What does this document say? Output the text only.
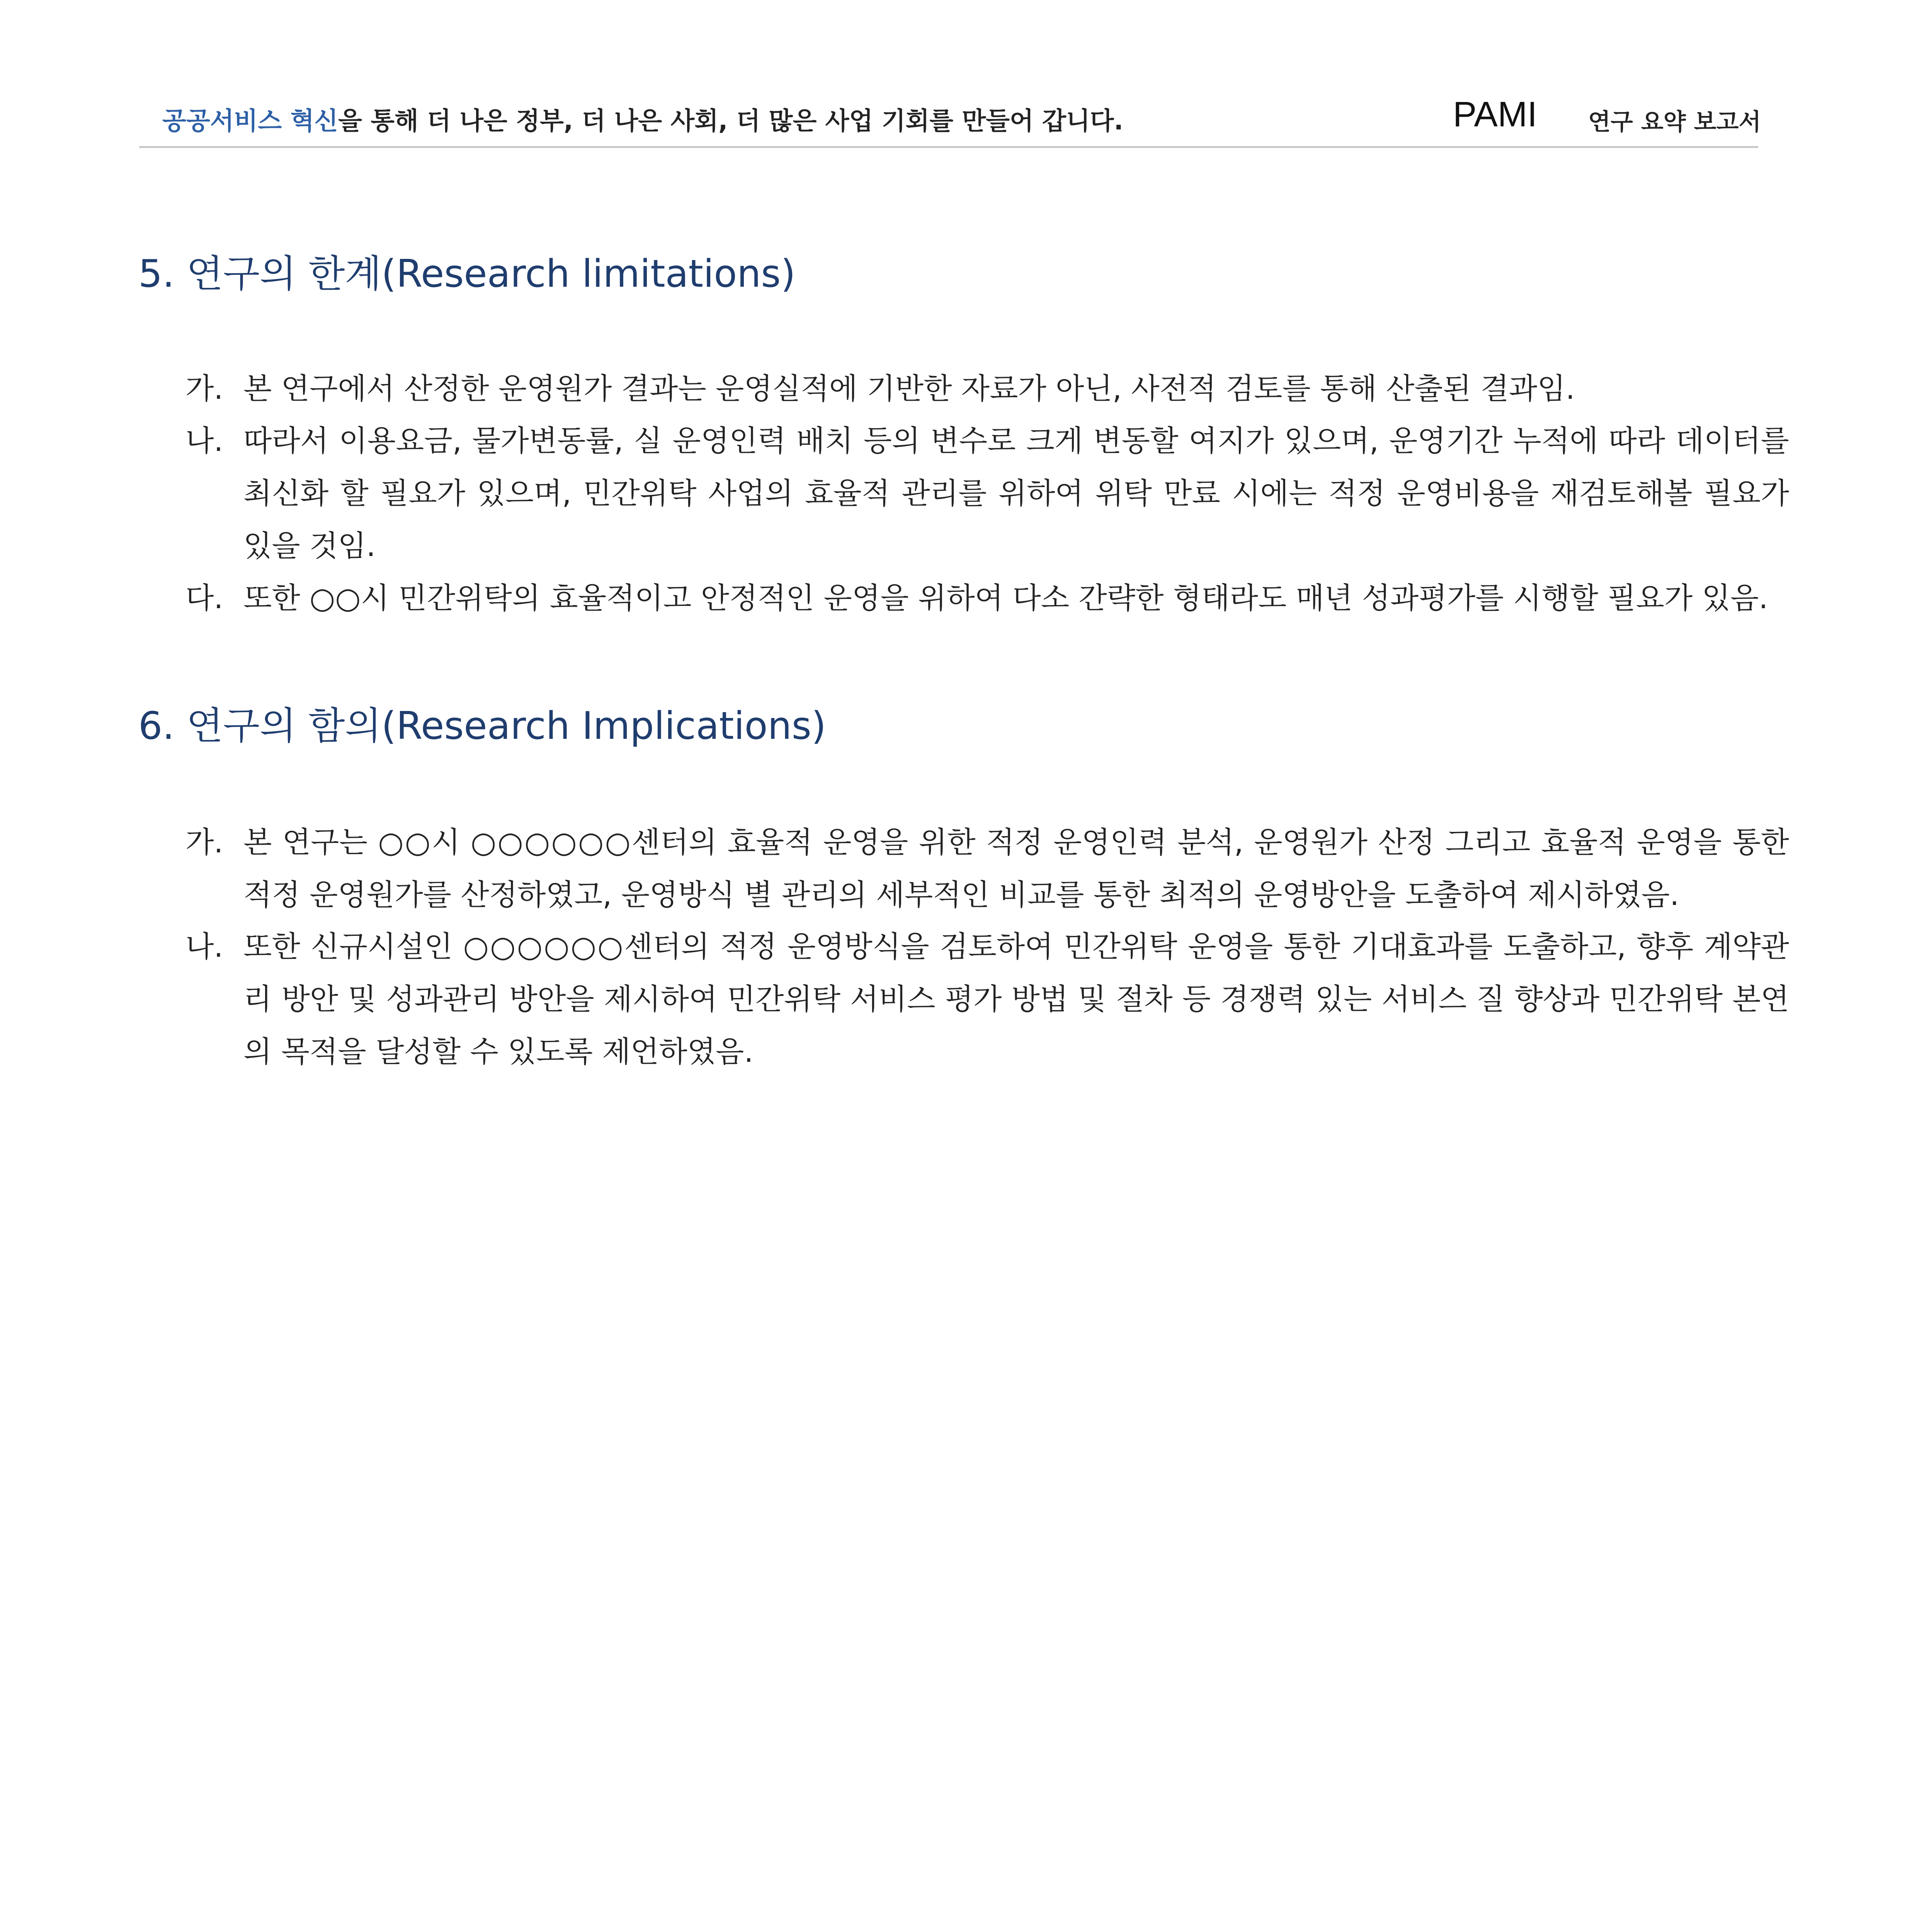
공공서비스 혁신을 통해 더 나은 정부, 더 나은 사회, 더 많은 사업 기회를 만들어 갑니다.	PAMI 연구 요약 보고서
5. 연구의 한계(Research limitations)
가. 본 연구에서 산정한 운영원가 결과는 운영실적에 기반한 자료가 아닌, 사전적 검토를 통해 산출된 결과임.
나. 따라서 이용요금, 물가변동률, 실 운영인력 배치 등의 변수로 크게 변동할 여지가 있으며, 운영기간 누적에 따라 데이터를 최신화 할 필요가 있으며, 민간위탁 사업의 효율적 관리를 위하여 위탁 만료 시에는 적정 운영비용을 재검토해볼 필요가 있을 것임.
다. 또한 ○○시 민간위탁의 효율적이고 안정적인 운영을 위하여 다소 간략한 형태라도 매년 성과평가를 시행할 필요가 있음.
6. 연구의 함의(Research Implications)
가. 본 연구는 ○○시 ○○○○○○센터의 효율적 운영을 위한 적정 운영인력 분석, 운영원가 산정 그리고 효율적 운영을 통한 적정 운영원가를 산정하였고, 운영방식 별 관리의 세부적인 비교를 통한 최적의 운영방안을 도출하여 제시하였음.
나. 또한 신규시설인 ○○○○○○센터의 적정 운영방식을 검토하여 민간위탁 운영을 통한 기대효과를 도출하고, 향후 계약관리 방안 및 성과관리 방안을 제시하여 민간위탁 서비스 평가 방법 및 절차 등 경쟁력 있는 서비스 질 향상과 민간위탁 본연의 목적을 달성할 수 있도록 제언하였음.
